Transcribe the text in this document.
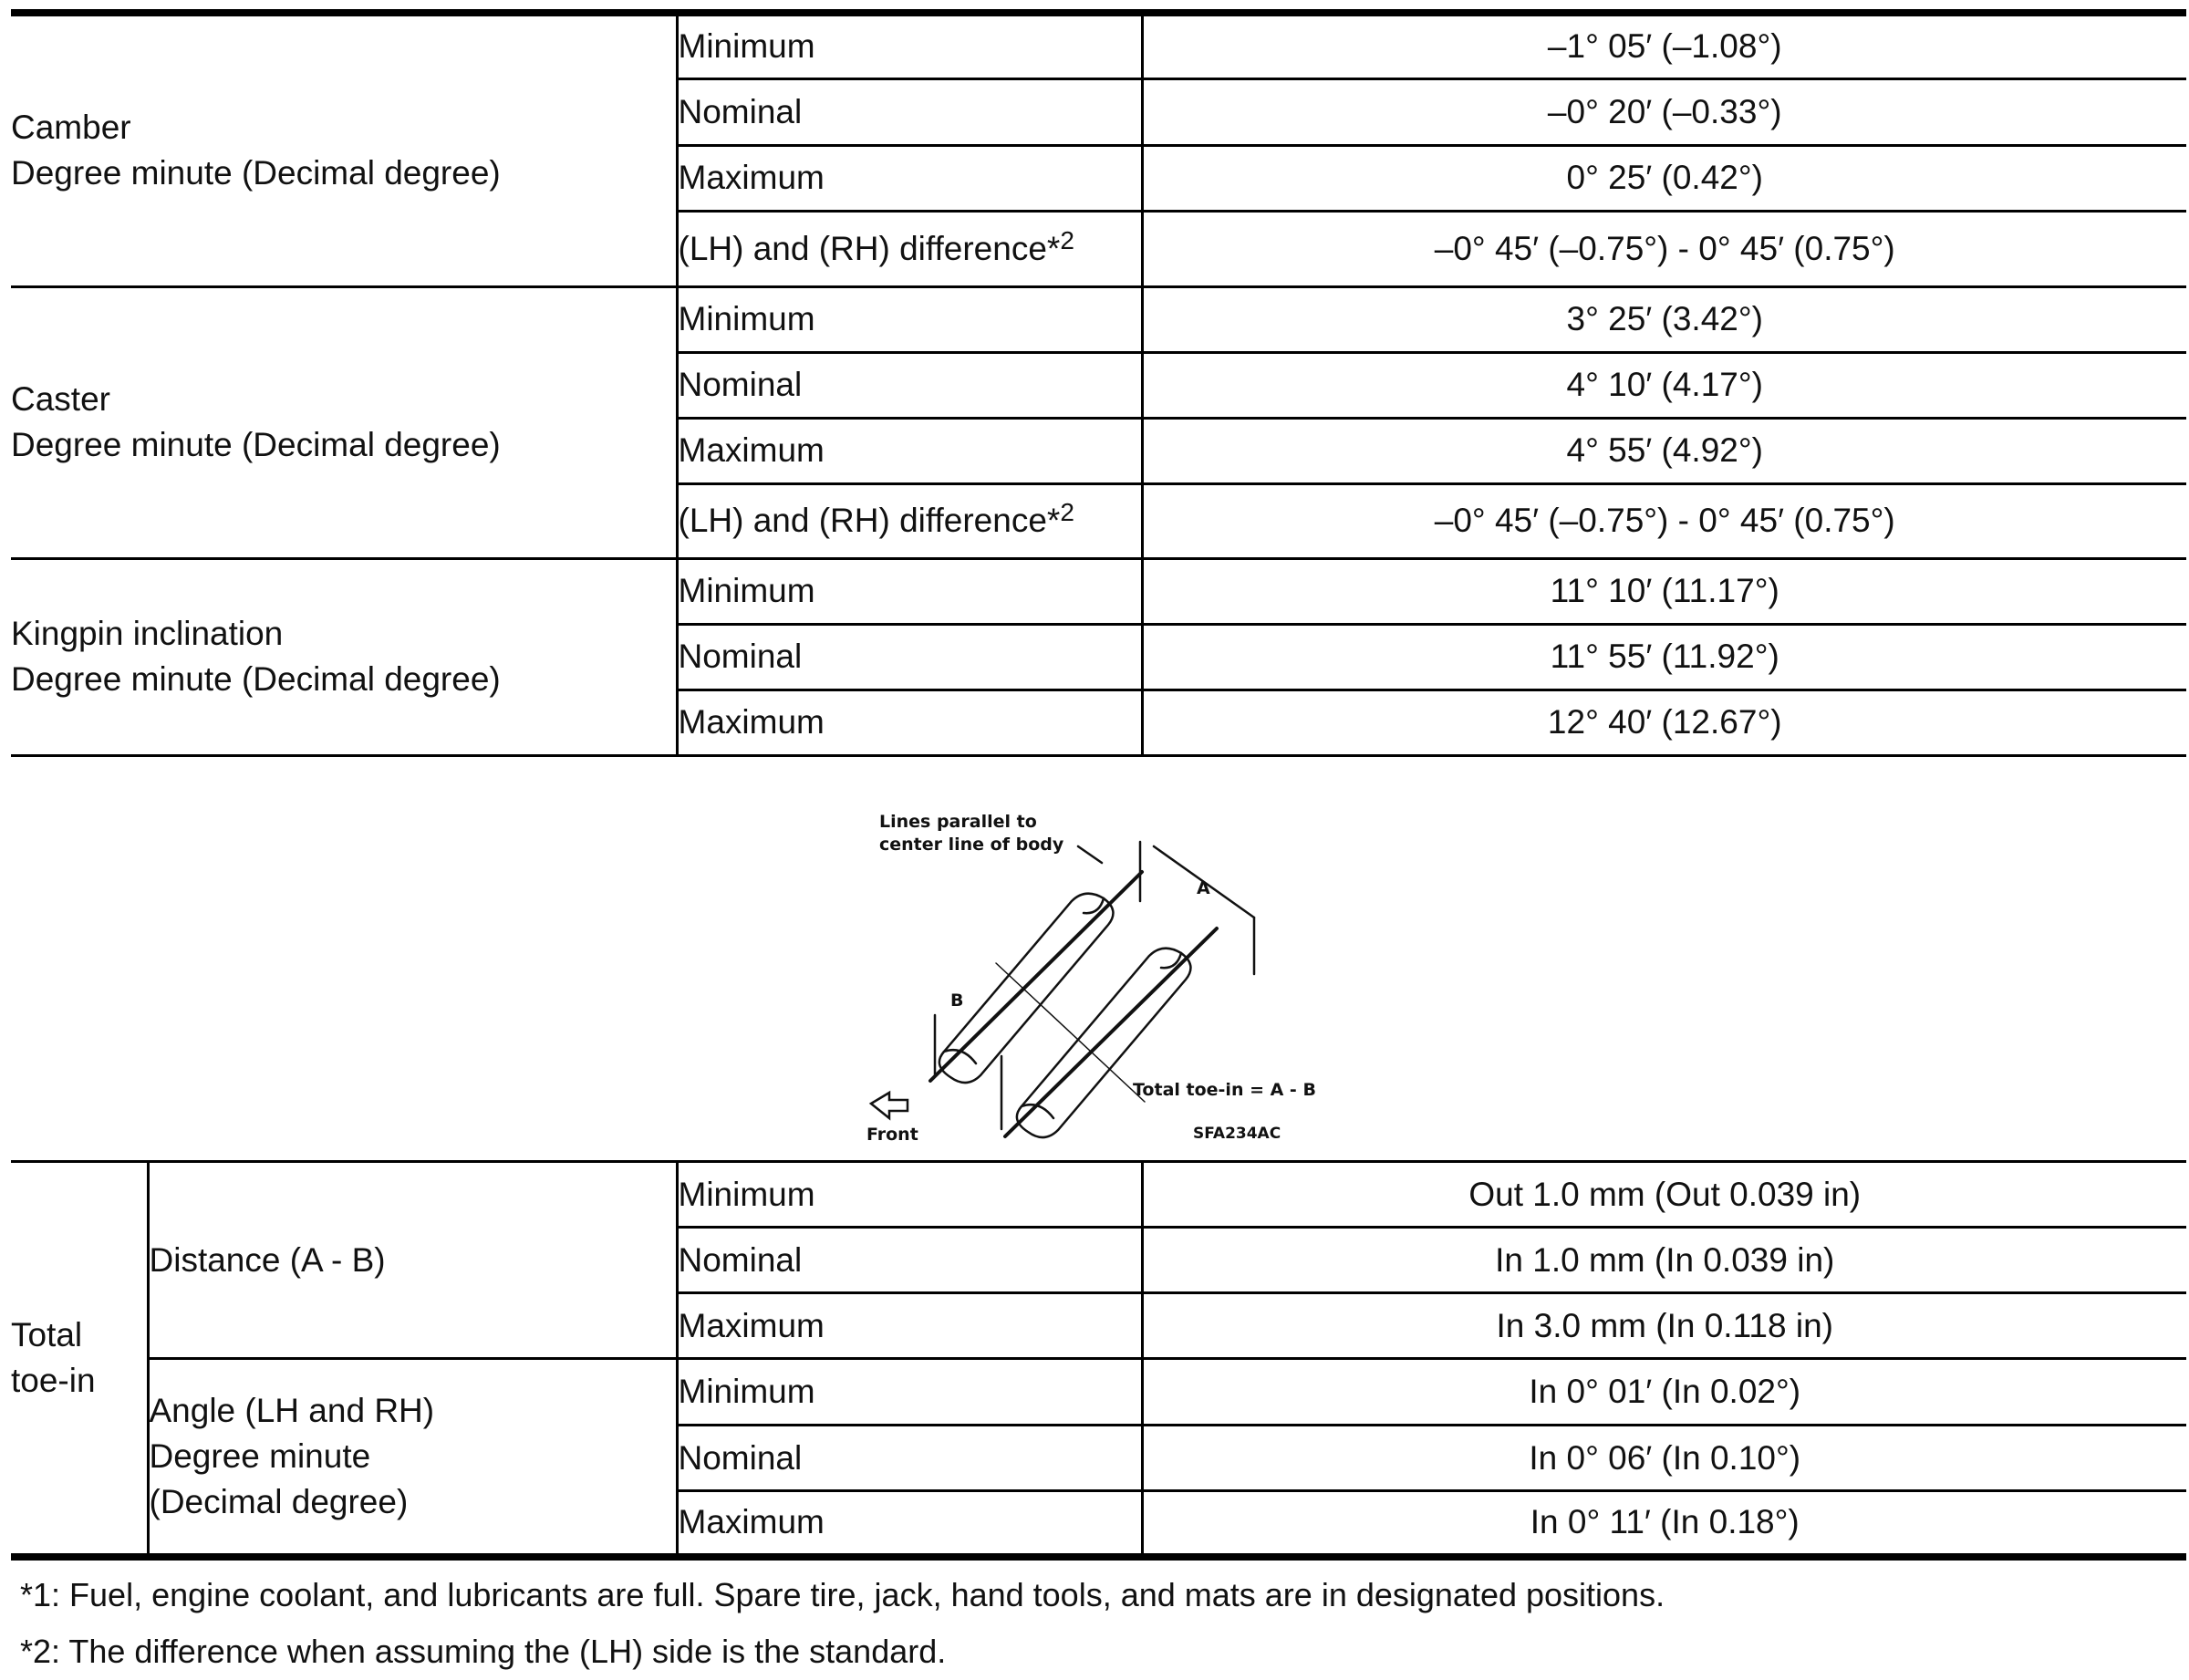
Camber
Degree minute (Decimal degree)	Minimum	–1° 05′ (–1.08°)
	Nominal	–0° 20′ (–0.33°)
	Maximum	0° 25′ (0.42°)
	(LH) and (RH) difference*$^2$	–0° 45′ (–0.75°) - 0° 45′ (0.75°)

Caster
Degree minute (Decimal degree)	Minimum	3° 25′ (3.42°)
	Nominal	4° 10′ (4.17°)
	Maximum	4° 55′ (4.92°)
	(LH) and (RH) difference*$^2$	–0° 45′ (–0.75°) - 0° 45′ (0.75°)

Kingpin inclination
Degree minute (Decimal degree)	Minimum	11° 10′ (11.17°)
	Nominal	11° 55′ (11.92°)
	Maximum	12° 40′ (12.67°)
Lines parallel to
center line of body
A
B
Total toe-in = A - B
Front	SFA234AC
Total
toe-in	Distance (A - B)	Minimum	Out 1.0 mm (Out 0.039 in)
		Nominal	In 1.0 mm (In 0.039 in)
		Maximum	In 3.0 mm (In 0.118 in)

	Angle (LH and RH)
Degree minute
(Decimal degree)	Minimum	In 0° 01′ (In 0.02°)
		Nominal	In 0° 06′ (In 0.10°)
		Maximum	In 0° 11′ (In 0.18°)
*1: Fuel, engine coolant, and lubricants are full. Spare tire, jack, hand tools, and mats are in designated positions.
*2: The difference when assuming the (LH) side is the standard.
